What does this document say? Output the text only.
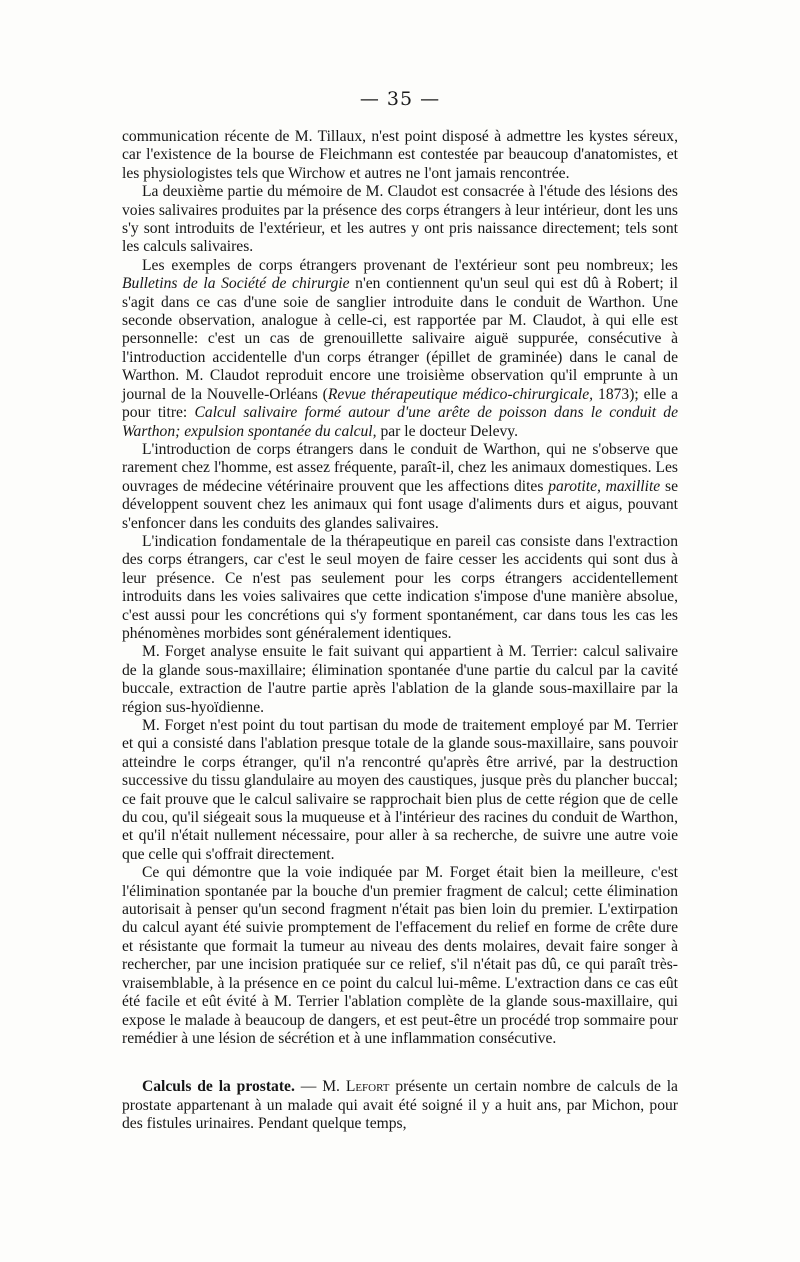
— 35 —

communication récente de M. Tillaux, n'est point disposé à admettre les kystes séreux, car l'existence de la bourse de Fleichmann est contestée par beaucoup d'anatomistes, et les physiologistes tels que Wirchow et autres ne l'ont jamais rencontrée.

La deuxième partie du mémoire de M. Claudot est consacrée à l'étude des lésions des voies salivaires produites par la présence des corps étrangers à leur intérieur, dont les uns s'y sont introduits de l'extérieur, et les autres y ont pris naissance directement; tels sont les calculs salivaires.

Les exemples de corps étrangers provenant de l'extérieur sont peu nombreux; les Bulletins de la Société de chirurgie n'en contiennent qu'un seul qui est dû à Robert; il s'agit dans ce cas d'une soie de sanglier introduite dans le conduit de Warthon. Une seconde observation, analogue à celle-ci, est rapportée par M. Claudot, à qui elle est personnelle: c'est un cas de grenouillette salivaire aiguë suppurée, consécutive à l'introduction accidentelle d'un corps étranger (épillet de graminée) dans le canal de Warthon. M. Claudot reproduit encore une troisième observation qu'il emprunte à un journal de la Nouvelle-Orléans (Revue thérapeutique médico-chirurgicale, 1873); elle a pour titre: Calcul salivaire formé autour d'une arête de poisson dans le conduit de Warthon; expulsion spontanée du calcul, par le docteur Delevy.

L'introduction de corps étrangers dans le conduit de Warthon, qui ne s'observe que rarement chez l'homme, est assez fréquente, paraît-il, chez les animaux domestiques. Les ouvrages de médecine vétérinaire prouvent que les affections dites parotite, maxillite se développent souvent chez les animaux qui font usage d'aliments durs et aigus, pouvant s'enfoncer dans les conduits des glandes salivaires.

L'indication fondamentale de la thérapeutique en pareil cas consiste dans l'extraction des corps étrangers, car c'est le seul moyen de faire cesser les accidents qui sont dus à leur présence. Ce n'est pas seulement pour les corps étrangers accidentellement introduits dans les voies salivaires que cette indication s'impose d'une manière absolue, c'est aussi pour les concrétions qui s'y forment spontanément, car dans tous les cas les phénomènes morbides sont généralement identiques.

M. Forget analyse ensuite le fait suivant qui appartient à M. Terrier: calcul salivaire de la glande sous-maxillaire; élimination spontanée d'une partie du calcul par la cavité buccale, extraction de l'autre partie après l'ablation de la glande sous-maxillaire par la région sus-hyoïdienne.

M. Forget n'est point du tout partisan du mode de traitement employé par M. Terrier et qui a consisté dans l'ablation presque totale de la glande sous-maxillaire, sans pouvoir atteindre le corps étranger, qu'il n'a rencontré qu'après être arrivé, par la destruction successive du tissu glandulaire au moyen des caustiques, jusque près du plancher buccal; ce fait prouve que le calcul salivaire se rapprochait bien plus de cette région que de celle du cou, qu'il siégeait sous la muqueuse et à l'intérieur des racines du conduit de Warthon, et qu'il n'était nullement nécessaire, pour aller à sa recherche, de suivre une autre voie que celle qui s'offrait directement.

Ce qui démontre que la voie indiquée par M. Forget était bien la meilleure, c'est l'élimination spontanée par la bouche d'un premier fragment de calcul; cette élimination autorisait à penser qu'un second fragment n'était pas bien loin du premier. L'extirpation du calcul ayant été suivie promptement de l'effacement du relief en forme de crête dure et résistante que formait la tumeur au niveau des dents molaires, devait faire songer à rechercher, par une incision pratiquée sur ce relief, s'il n'était pas dû, ce qui paraît très-vraisemblable, à la présence en ce point du calcul lui-même. L'extraction dans ce cas eût été facile et eût évité à M. Terrier l'ablation complète de la glande sous-maxillaire, qui expose le malade à beaucoup de dangers, et est peut-être un procédé trop sommaire pour remédier à une lésion de sécrétion et à une inflammation consécutive.

Calculs de la prostate. — M. Lefort présente un certain nombre de calculs de la prostate appartenant à un malade qui avait été soigné il y a huit ans, par Michon, pour des fistules urinaires. Pendant quelque temps,
